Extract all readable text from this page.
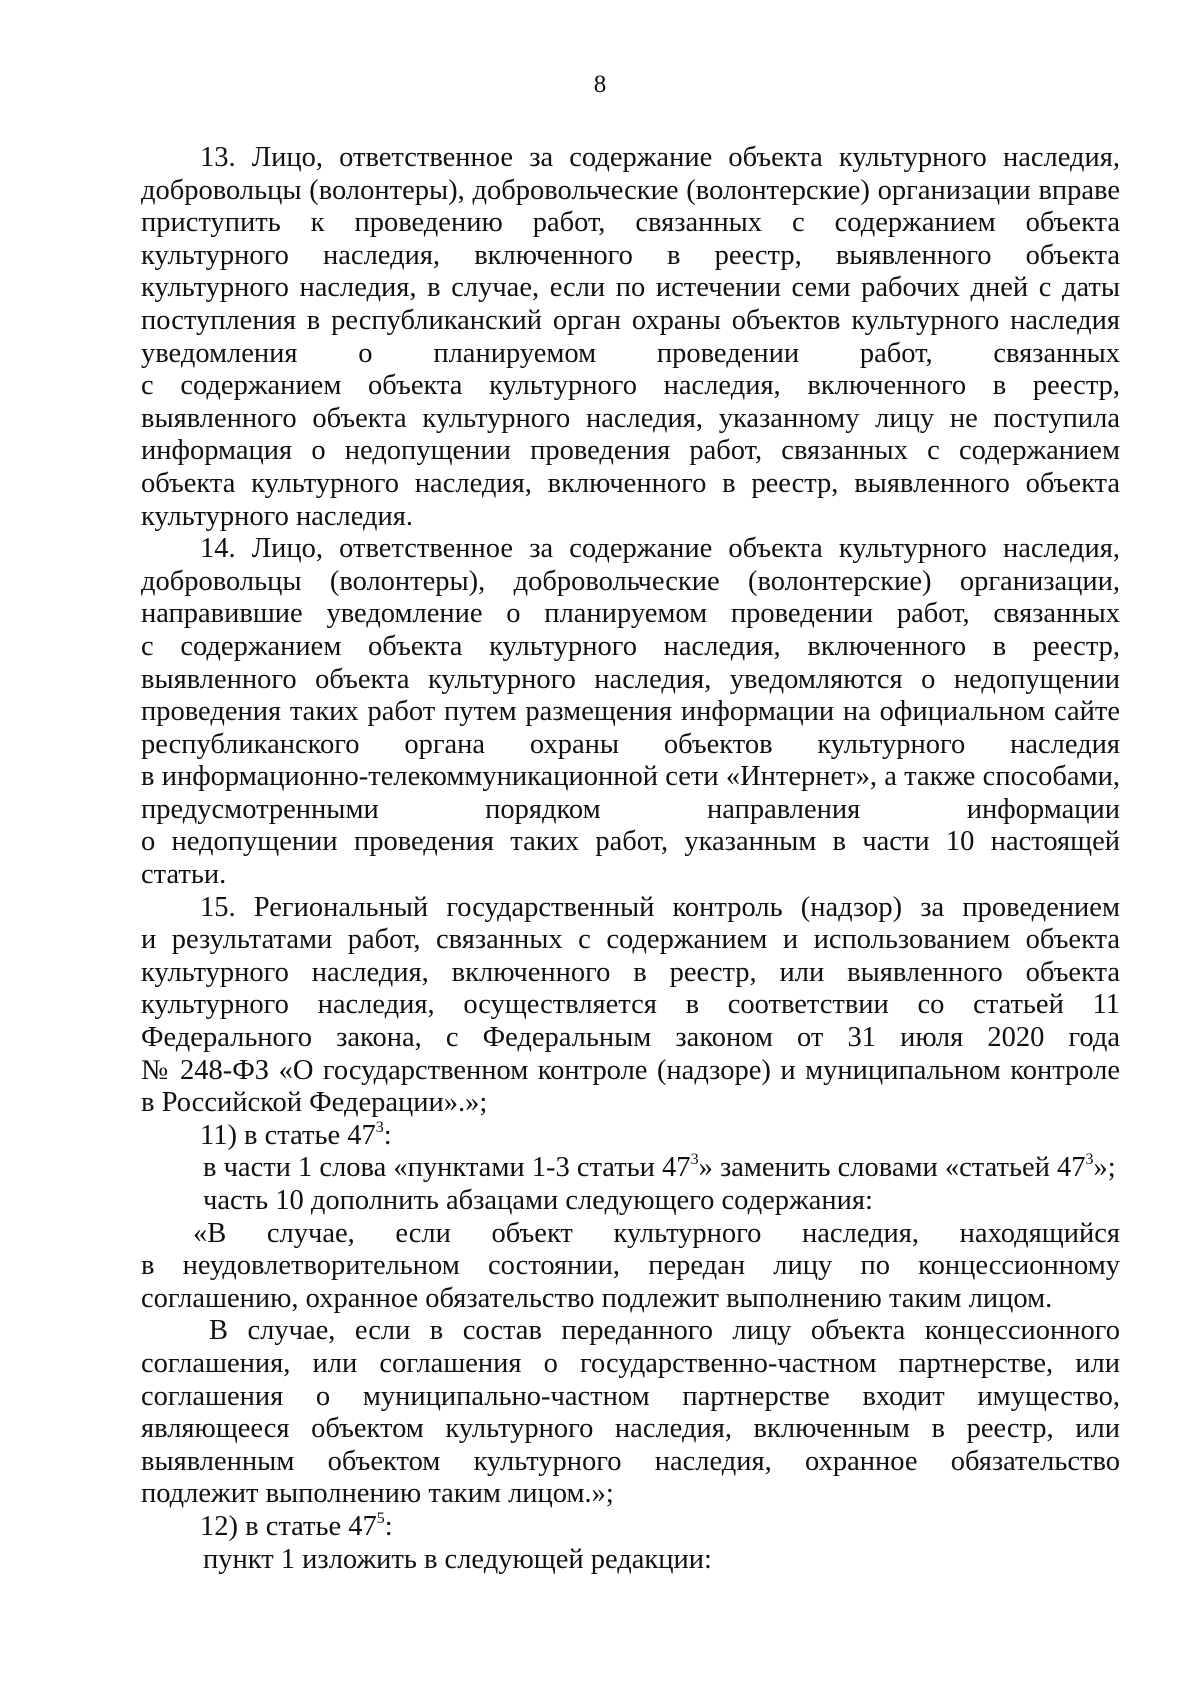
8
13. Лицо, ответственное за содержание объекта культурного наследия,
добровольцы (волонтеры), добровольческие (волонтерские) организации вправе
приступить к проведению работ, связанных с содержанием объекта
культурного наследия, включенного в реестр, выявленного объекта
культурного наследия, в случае, если по истечении семи рабочих дней с даты
поступления в республиканский орган охраны объектов культурного наследия
уведомления о планируемом проведении работ, связанных
с содержанием объекта культурного наследия, включенного в реестр,
выявленного объекта культурного наследия, указанному лицу не поступила
информация о недопущении проведения работ, связанных с содержанием
объекта культурного наследия, включенного в реестр, выявленного объекта
культурного наследия.
14. Лицо, ответственное за содержание объекта культурного наследия,
добровольцы (волонтеры), добровольческие (волонтерские) организации,
направившие уведомление о планируемом проведении работ, связанных
с содержанием объекта культурного наследия, включенного в реестр,
выявленного объекта культурного наследия, уведомляются о недопущении
проведения таких работ путем размещения информации на официальном сайте
республиканского органа охраны объектов культурного наследия
в информационно-телекоммуникационной сети «Интернет», а также способами,
предусмотренными порядком направления информации
о недопущении проведения таких работ, указанным в части 10 настоящей
статьи.
15. Региональный государственный контроль (надзор) за проведением
и результатами работ, связанных с содержанием и использованием объекта
культурного наследия, включенного в реестр, или выявленного объекта
культурного наследия, осуществляется в соответствии со статьей 11
Федерального закона, с Федеральным законом от 31 июля 2020 года
№ 248-ФЗ «О государственном контроле (надзоре) и муниципальном контроле
в Российской Федерации».»;
11) в статье $47^3$:
в части 1 слова «пунктами 1-3 статьи $47^3$» заменить словами «статьей $47^3$»;
часть 10 дополнить абзацами следующего содержания:
«В случае, если объект культурного наследия, находящийся
в неудовлетворительном состоянии, передан лицу по концессионному
соглашению, охранное обязательство подлежит выполнению таким лицом.
В случае, если в состав переданного лицу объекта концессионного
соглашения, или соглашения о государственно-частном партнерстве, или
соглашения о муниципально-частном партнерстве входит имущество,
являющееся объектом культурного наследия, включенным в реестр, или
выявленным объектом культурного наследия, охранное обязательство
подлежит выполнению таким лицом.»;
12) в статье $47^5$:
пункт 1 изложить в следующей редакции:
